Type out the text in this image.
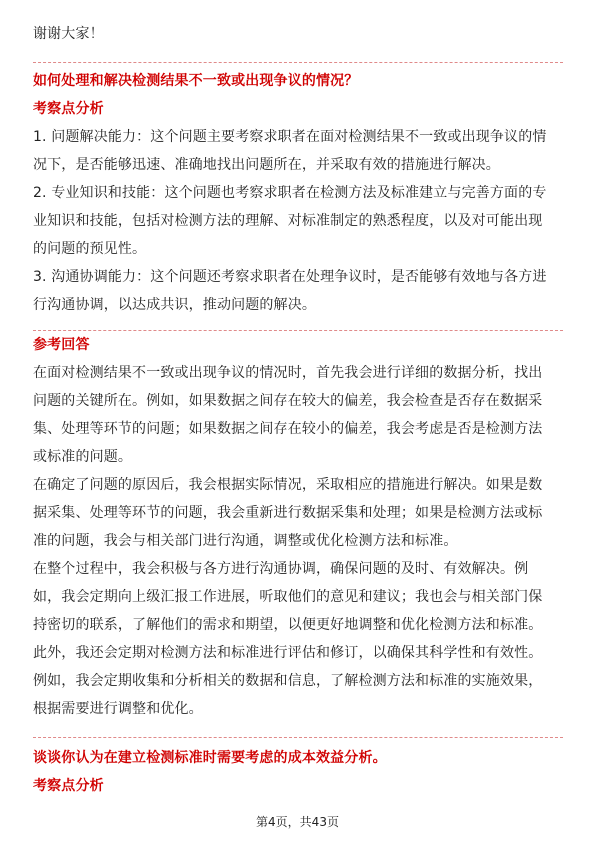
谢谢大家！
如何处理和解决检测结果不一致或出现争议的情况？
考察点分析
1. 问题解决能力：这个问题主要考察求职者在面对检测结果不一致或出现争议的情
况下，是否能够迅速、准确地找出问题所在，并采取有效的措施进行解决。
2. 专业知识和技能：这个问题也考察求职者在检测方法及标准建立与完善方面的专
业知识和技能，包括对检测方法的理解、对标准制定的熟悉程度，以及对可能出现
的问题的预见性。
3. 沟通协调能力：这个问题还考察求职者在处理争议时，是否能够有效地与各方进
行沟通协调，以达成共识，推动问题的解决。
参考回答
在面对检测结果不一致或出现争议的情况时，首先我会进行详细的数据分析，找出
问题的关键所在。例如，如果数据之间存在较大的偏差，我会检查是否存在数据采
集、处理等环节的问题；如果数据之间存在较小的偏差，我会考虑是否是检测方法
或标准的问题。
在确定了问题的原因后，我会根据实际情况，采取相应的措施进行解决。如果是数
据采集、处理等环节的问题，我会重新进行数据采集和处理；如果是检测方法或标
准的问题，我会与相关部门进行沟通，调整或优化检测方法和标准。
在整个过程中，我会积极与各方进行沟通协调，确保问题的及时、有效解决。例
如，我会定期向上级汇报工作进展，听取他们的意见和建议；我也会与相关部门保
持密切的联系，了解他们的需求和期望，以便更好地调整和优化检测方法和标准。
此外，我还会定期对检测方法和标准进行评估和修订，以确保其科学性和有效性。
例如，我会定期收集和分析相关的数据和信息，了解检测方法和标准的实施效果，
根据需要进行调整和优化。
谈谈你认为在建立检测标准时需要考虑的成本效益分析。
考察点分析
第4页，共43页
